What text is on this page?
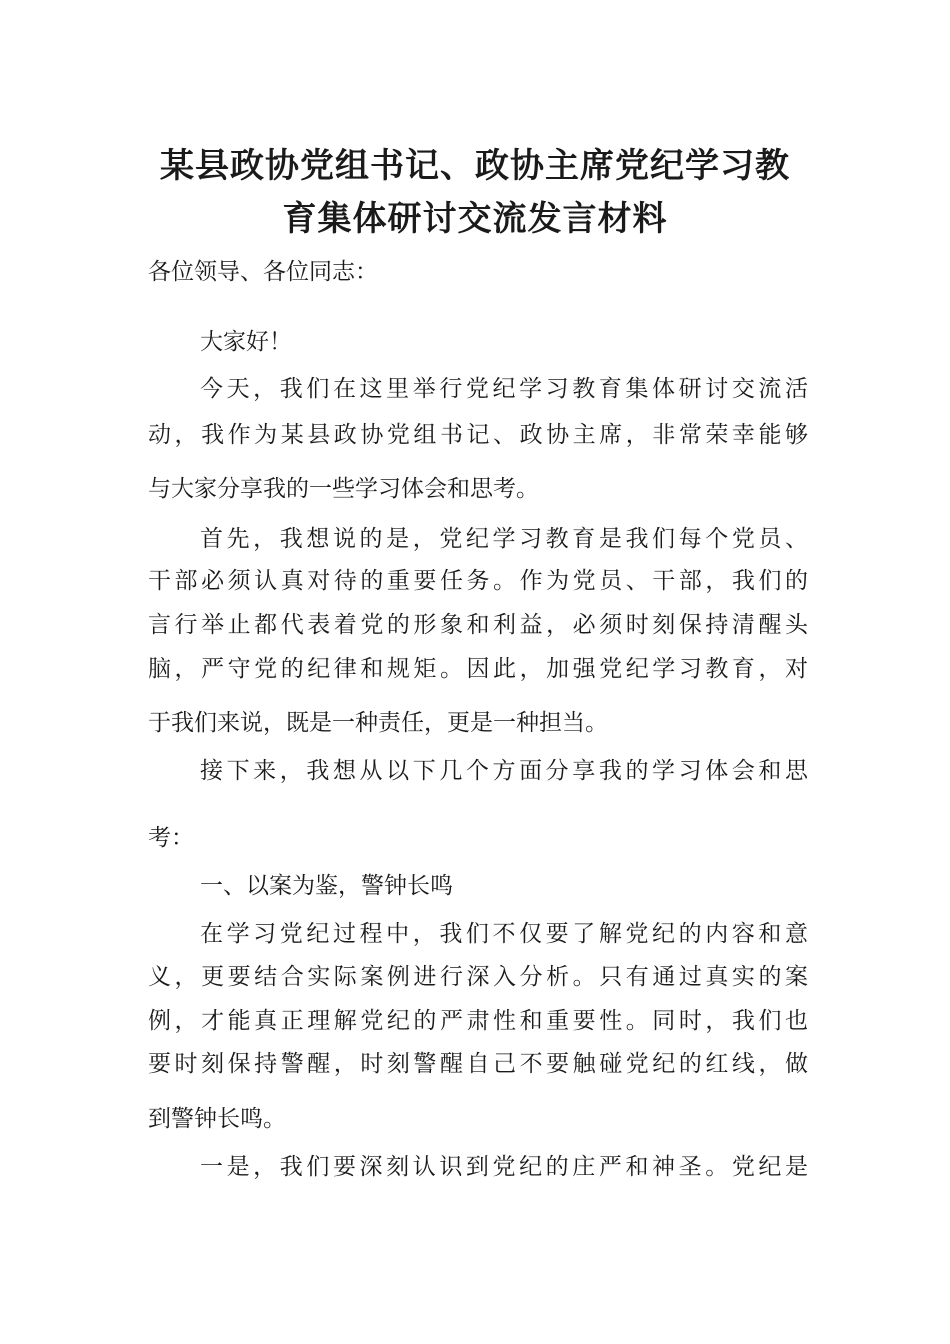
某县政协党组书记、政协主席党纪学习教
育集体研讨交流发言材料
各位领导、各位同志：
大家好！
今天，我们在这里举行党纪学习教育集体研讨交流活
动，我作为某县政协党组书记、政协主席，非常荣幸能够
与大家分享我的一些学习体会和思考。
首先，我想说的是，党纪学习教育是我们每个党员、
干部必须认真对待的重要任务。作为党员、干部，我们的
言行举止都代表着党的形象和利益，必须时刻保持清醒头
脑，严守党的纪律和规矩。因此，加强党纪学习教育，对
于我们来说，既是一种责任，更是一种担当。
接下来，我想从以下几个方面分享我的学习体会和思
考：
一、以案为鉴，警钟长鸣
在学习党纪过程中，我们不仅要了解党纪的内容和意
义，更要结合实际案例进行深入分析。只有通过真实的案
例，才能真正理解党纪的严肃性和重要性。同时，我们也
要时刻保持警醒，时刻警醒自己不要触碰党纪的红线，做
到警钟长鸣。
一是，我们要深刻认识到党纪的庄严和神圣。党纪是
